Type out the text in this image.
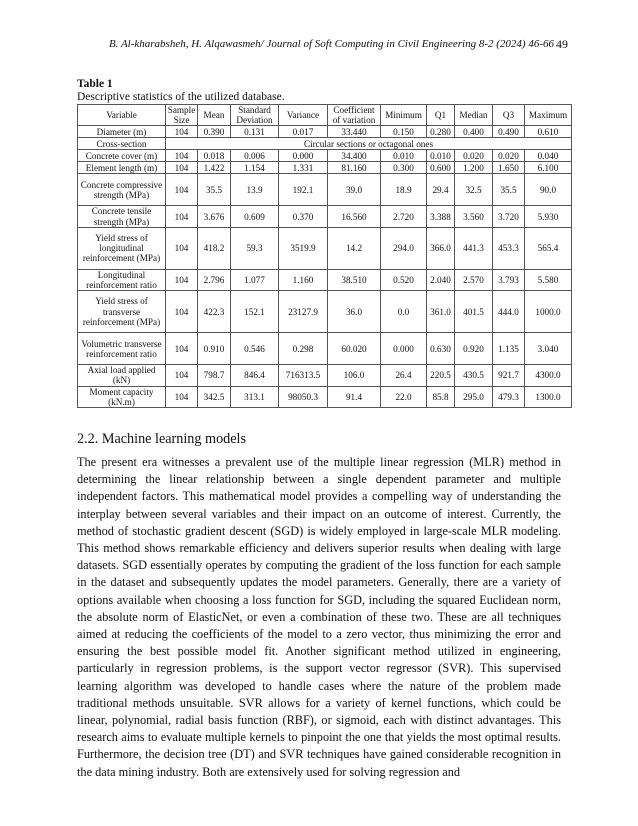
B. Al-kharabsheh, H. Alqawasmeh/ Journal of Soft Computing in Civil Engineering 8-2 (2024) 46-66 49
Table 1
Descriptive statistics of the utilized database.
Variable	Sample Size	Mean	Standard Deviation	Variance	Coefficient of variation	Minimum	Q1	Median	Q3	Maximum
Diameter (m)	104	0.390	0.131	0.017	33.440	0.150	0.280	0.400	0.490	0.610
Cross-section	Circular sections or octagonal ones									
Concrete cover (m)	104	0.018	0.006	0.000	34.400	0.010	0.010	0.020	0.020	0.040
Element length (m)	104	1.422	1.154	1.331	81.160	0.300	0.600	1.200	1.650	6.100
Concrete compressive strength (MPa)	104	35.5	13.9	192.1	39.0	18.9	29.4	32.5	35.5	90.0
Concrete tensile strength (MPa)	104	3.676	0.609	0.370	16.560	2.720	3.388	3.560	3.720	5.930
Yield stress of longitudinal reinforcement (MPa)	104	418.2	59.3	3519.9	14.2	294.0	366.0	441.3	453.3	565.4
Longitudinal reinforcement ratio	104	2.796	1.077	1.160	38.510	0.520	2.040	2.570	3.793	5.580
Yield stress of transverse reinforcement (MPa)	104	422.3	152.1	23127.9	36.0	0.0	361.0	401.5	444.0	1000.0
Volumetric transverse reinforcement ratio	104	0.910	0.546	0.298	60.020	0.000	0.630	0.920	1.135	3.040
Axial load applied (kN)	104	798.7	846.4	716313.5	106.0	26.4	220.5	430.5	921.7	4300.0
Moment capacity (kN.m)	104	342.5	313.1	98050.3	91.4	22.0	85.8	295.0	479.3	1300.0
2.2. Machine learning models
The present era witnesses a prevalent use of the multiple linear regression (MLR) method in determining the linear relationship between a single dependent parameter and multiple independent factors. This mathematical model provides a compelling way of understanding the interplay between several variables and their impact on an outcome of interest. Currently, the method of stochastic gradient descent (SGD) is widely employed in large-scale MLR modeling. This method shows remarkable efficiency and delivers superior results when dealing with large datasets. SGD essentially operates by computing the gradient of the loss function for each sample in the dataset and subsequently updates the model parameters. Generally, there are a variety of options available when choosing a loss function for SGD, including the squared Euclidean norm, the absolute norm of ElasticNet, or even a combination of these two. These are all techniques aimed at reducing the coefficients of the model to a zero vector, thus minimizing the error and ensuring the best possible model fit. Another significant method utilized in engineering, particularly in regression problems, is the support vector regressor (SVR). This supervised learning algorithm was developed to handle cases where the nature of the problem made traditional methods unsuitable. SVR allows for a variety of kernel functions, which could be linear, polynomial, radial basis function (RBF), or sigmoid, each with distinct advantages. This research aims to evaluate multiple kernels to pinpoint the one that yields the most optimal results. Furthermore, the decision tree (DT) and SVR techniques have gained considerable recognition in the data mining industry. Both are extensively used for solving regression and
